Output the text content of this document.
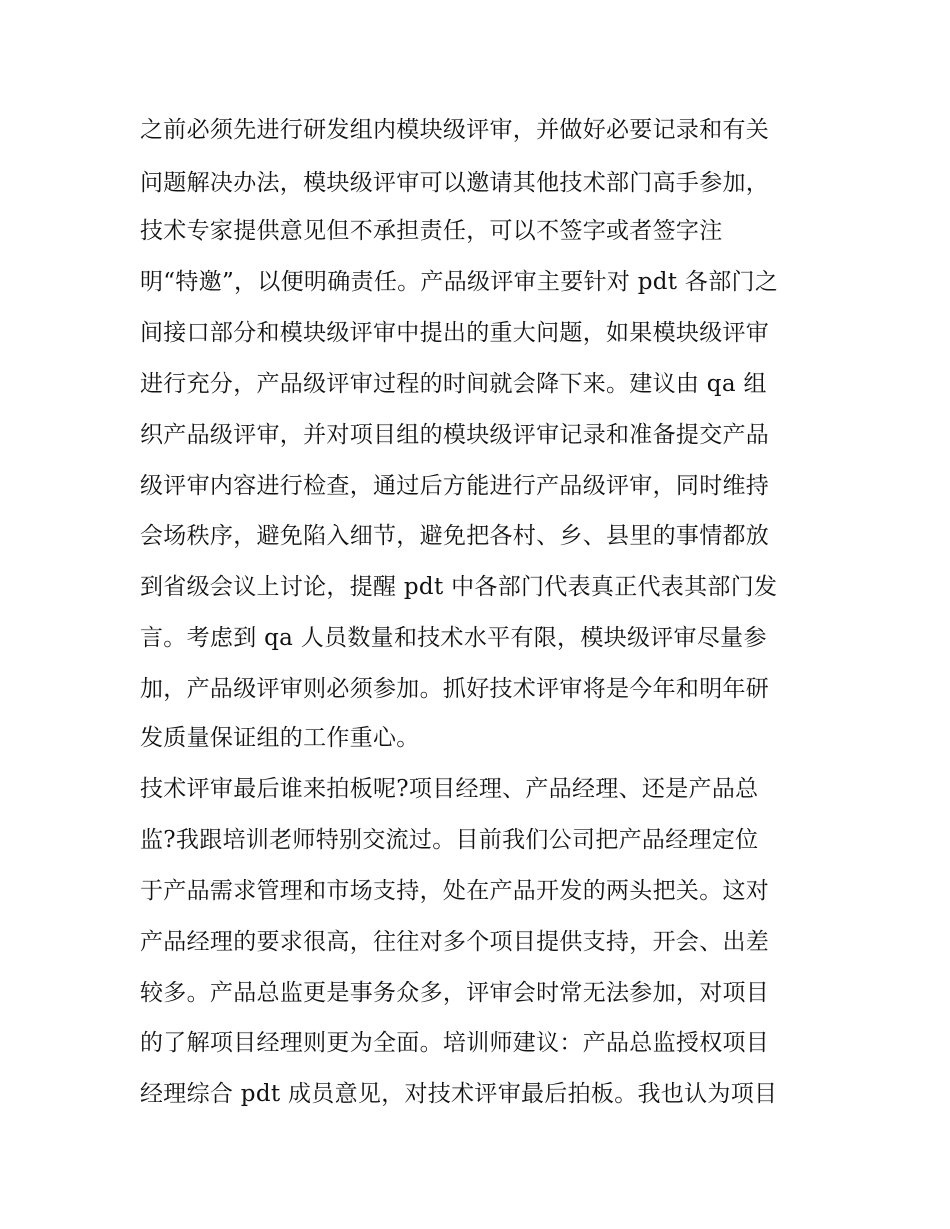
之前必须先进行研发组内模块级评审，并做好必要记录和有关
问题解决办法，模块级评审可以邀请其他技术部门高手参加，
技术专家提供意见但不承担责任，可以不签字或者签字注
明“特邀”，以便明确责任。产品级评审主要针对 pdt 各部门之
间接口部分和模块级评审中提出的重大问题，如果模块级评审
进行充分，产品级评审过程的时间就会降下来。建议由 qa 组
织产品级评审，并对项目组的模块级评审记录和准备提交产品
级评审内容进行检查，通过后方能进行产品级评审，同时维持
会场秩序，避免陷入细节，避免把各村、乡、县里的事情都放
到省级会议上讨论，提醒 pdt 中各部门代表真正代表其部门发
言。考虑到 qa 人员数量和技术水平有限，模块级评审尽量参
加，产品级评审则必须参加。抓好技术评审将是今年和明年研
发质量保证组的工作重心。
技术评审最后谁来拍板呢?项目经理、产品经理、还是产品总
监?我跟培训老师特别交流过。目前我们公司把产品经理定位
于产品需求管理和市场支持，处在产品开发的两头把关。这对
产品经理的要求很高，往往对多个项目提供支持，开会、出差
较多。产品总监更是事务众多，评审会时常无法参加，对项目
的了解项目经理则更为全面。培训师建议：产品总监授权项目
经理综合 pdt 成员意见，对技术评审最后拍板。我也认为项目
